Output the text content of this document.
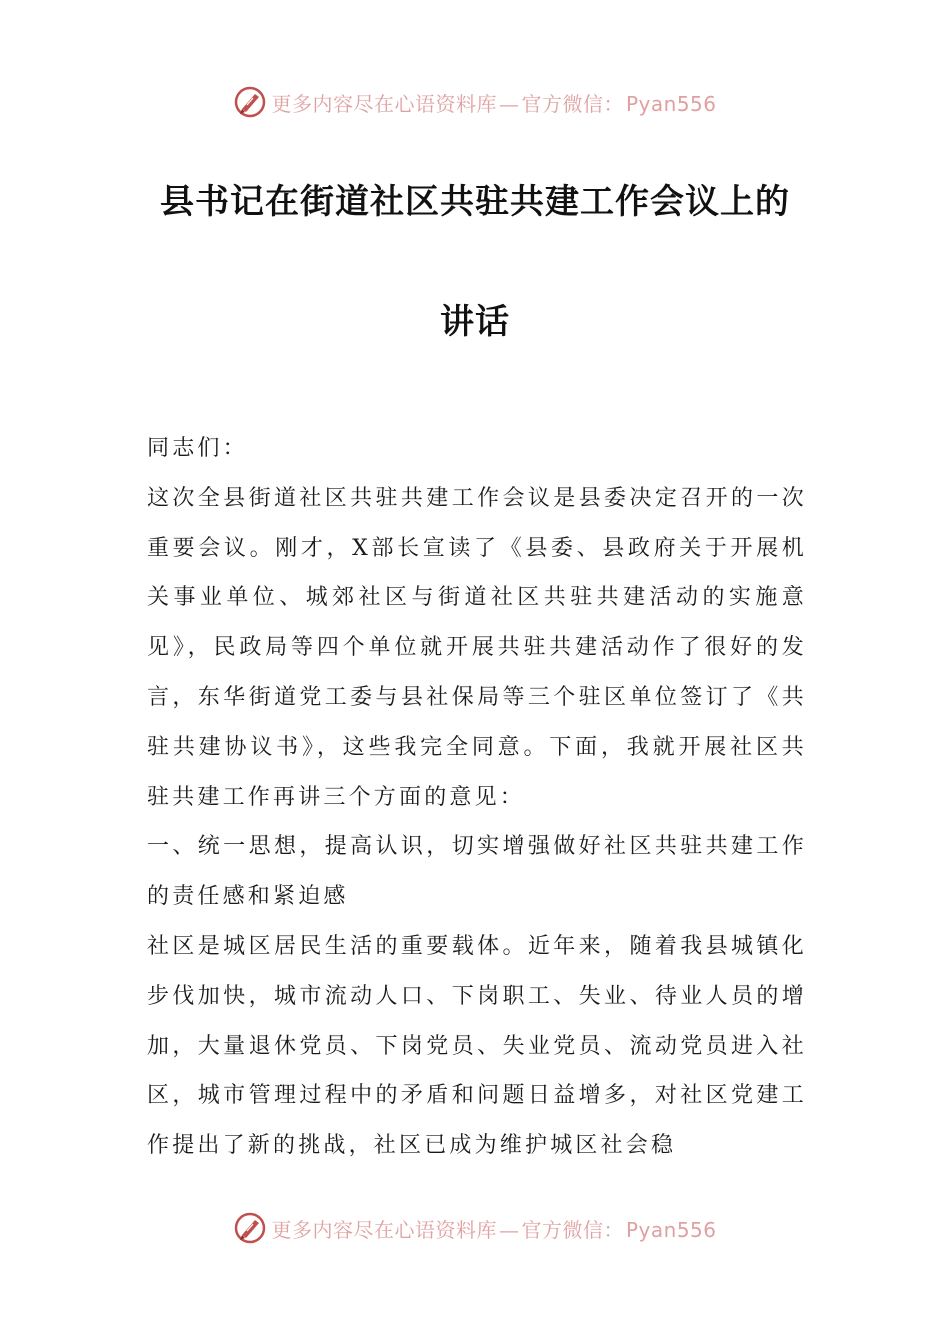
更多内容尽在心语资料库 — 官方微信： Pyan556
县书记在街道社区共驻共建工作会议上的
讲话

同志们：

这次全县街道社区共驻共建工作会议是县委决定召开的一次重要会议。刚才，X部长宣读了《县委、县政府关于开展机关事业单位、城郊社区与街道社区共驻共建活动的实施意见》，民政局等四个单位就开展共驻共建活动作了很好的发言，东华街道党工委与县社保局等三个驻区单位签订了《共驻共建协议书》，这些我完全同意。下面，我就开展社区共驻共建工作再讲三个方面的意见：

一、统一思想，提高认识，切实增强做好社区共驻共建工作的责任感和紧迫感

社区是城区居民生活的重要载体。近年来，随着我县城镇化步伐加快，城市流动人口、下岗职工、失业、待业人员的增加，大量退休党员、下岗党员、失业党员、流动党员进入社区，城市管理过程中的矛盾和问题日益增多，对社区党建工作提出了新的挑战，社区已成为维护城区社会稳

更多内容尽在心语资料库 — 官方微信： Pyan556
